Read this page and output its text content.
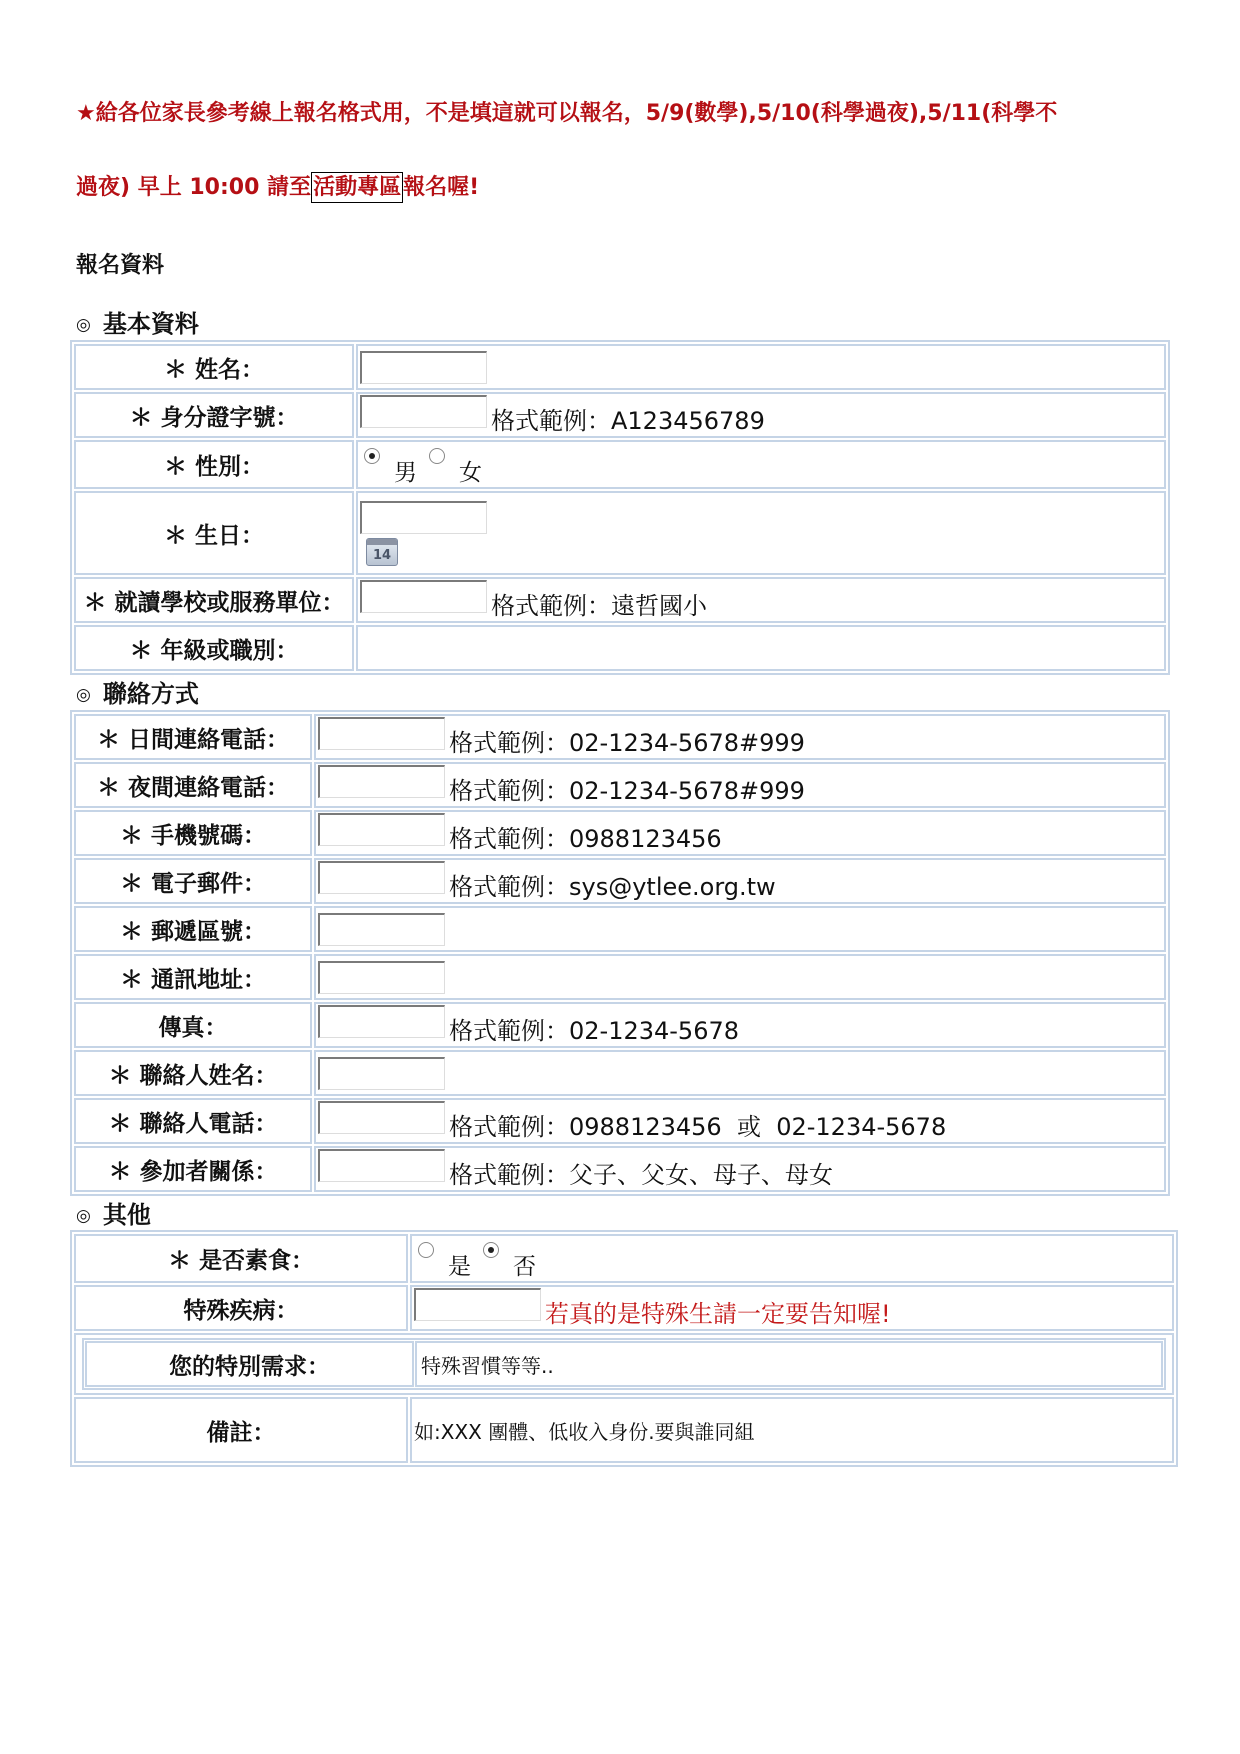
★給各位家長參考線上報名格式用，不是填這就可以報名，5/9(數學),5/10(科學過夜),5/11(科學不

過夜) 早上 10:00 請至活動專區報名喔!

報名資料

◎ 基本資料

＊ 姓名：	
＊ 身分證字號：	格式範例：A123456789
＊ 性別：	男 女
＊ 生日：	14

＊ 就讀學校或服務單位：	格式範例：遠哲國小
＊ 年級或職別：	

◎ 聯絡方式

＊ 日間連絡電話：	格式範例：02-1234-5678#999
＊ 夜間連絡電話：	格式範例：02-1234-5678#999
＊ 手機號碼：	格式範例：0988123456
＊ 電子郵件：	格式範例：sys@ytlee.org.tw
＊ 郵遞區號：	
＊ 通訊地址：	
傳真：	格式範例：02-1234-5678
＊ 聯絡人姓名：	
＊ 聯絡人電話：	格式範例：0988123456  或  02-1234-5678
＊ 參加者關係：	格式範例：父子、父女、母子、母女

◎ 其他

＊ 是否素食：	是 否
特殊疾病：	若真的是特殊生請一定要告知喔!

您的特別需求：	特殊習慣等等..

備註：	如:XXX 團體、低收入身份.要與誰同組
